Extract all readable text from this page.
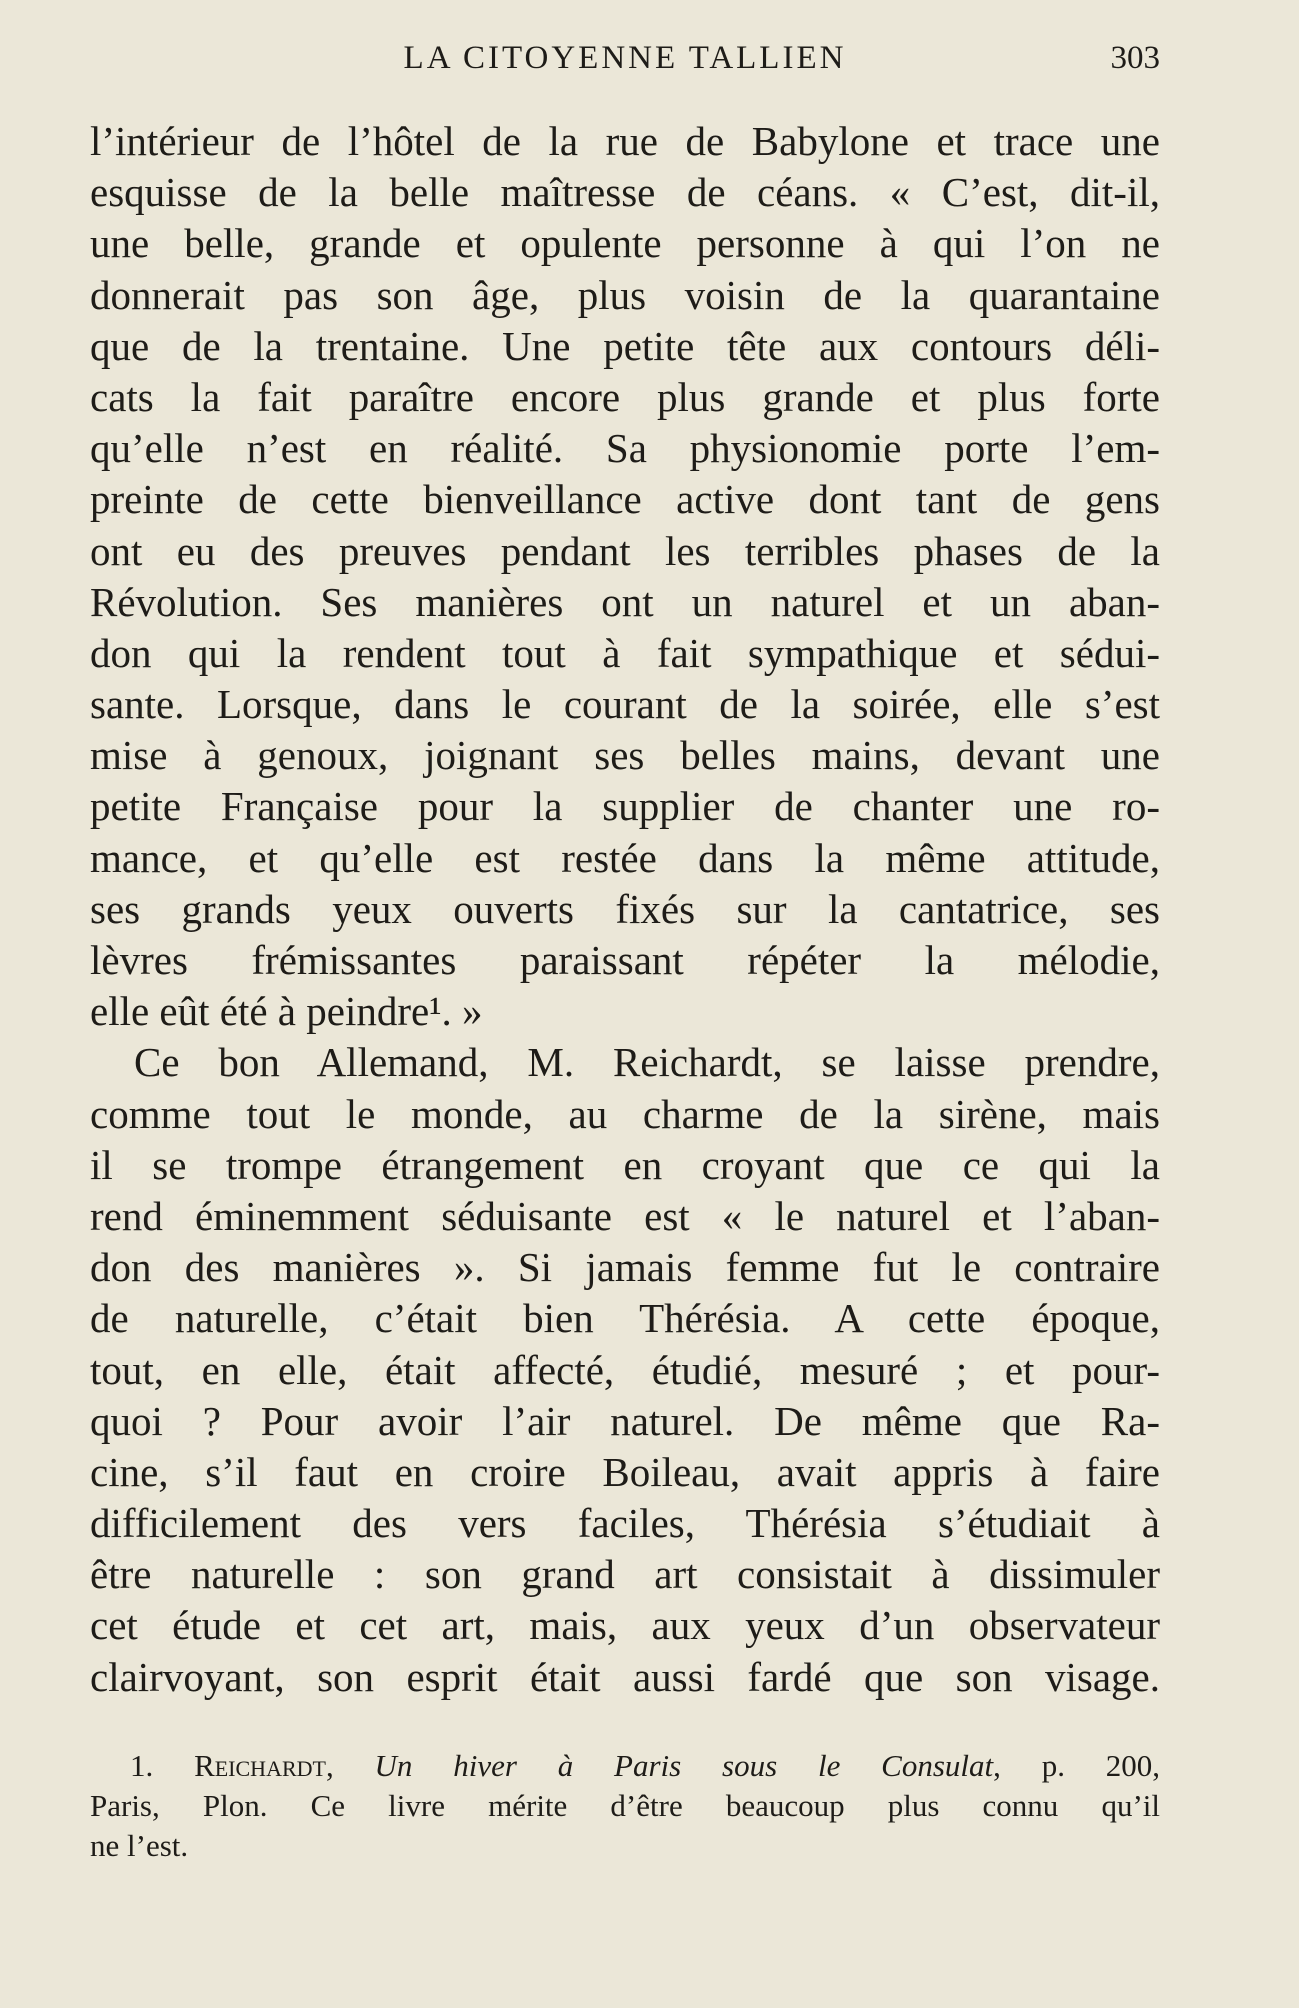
LA CITOYENNE TALLIEN	303
l’intérieur de l’hôtel de la rue de Babylone et trace une
esquisse de la belle maîtresse de céans. « C’est, dit-il,
une belle, grande et opulente personne à qui l’on ne
donnerait pas son âge, plus voisin de la quarantaine
que de la trentaine. Une petite tête aux contours déli-
cats la fait paraître encore plus grande et plus forte
qu’elle n’est en réalité. Sa physionomie porte l’em-
preinte de cette bienveillance active dont tant de gens
ont eu des preuves pendant les terribles phases de la
Révolution. Ses manières ont un naturel et un aban-
don qui la rendent tout à fait sympathique et sédui-
sante. Lorsque, dans le courant de la soirée, elle s’est
mise à genoux, joignant ses belles mains, devant une
petite Française pour la supplier de chanter une ro-
mance, et qu’elle est restée dans la même attitude,
ses grands yeux ouverts fixés sur la cantatrice, ses
lèvres frémissantes paraissant répéter la mélodie,
elle eût été à peindre¹. »
Ce bon Allemand, M. Reichardt, se laisse prendre,
comme tout le monde, au charme de la sirène, mais
il se trompe étrangement en croyant que ce qui la
rend éminemment séduisante est « le naturel et l’aban-
don des manières ». Si jamais femme fut le contraire
de naturelle, c’était bien Thérésia. A cette époque,
tout, en elle, était affecté, étudié, mesuré ; et pour-
quoi ? Pour avoir l’air naturel. De même que Ra-
cine, s’il faut en croire Boileau, avait appris à faire
difficilement des vers faciles, Thérésia s’étudiait à
être naturelle : son grand art consistait à dissimuler
cet étude et cet art, mais, aux yeux d’un observateur
clairvoyant, son esprit était aussi fardé que son visage.
1. Reichardt, Un hiver à Paris sous le Consulat, p. 200,
Paris, Plon. Ce livre mérite d’être beaucoup plus connu qu’il
ne l’est.
